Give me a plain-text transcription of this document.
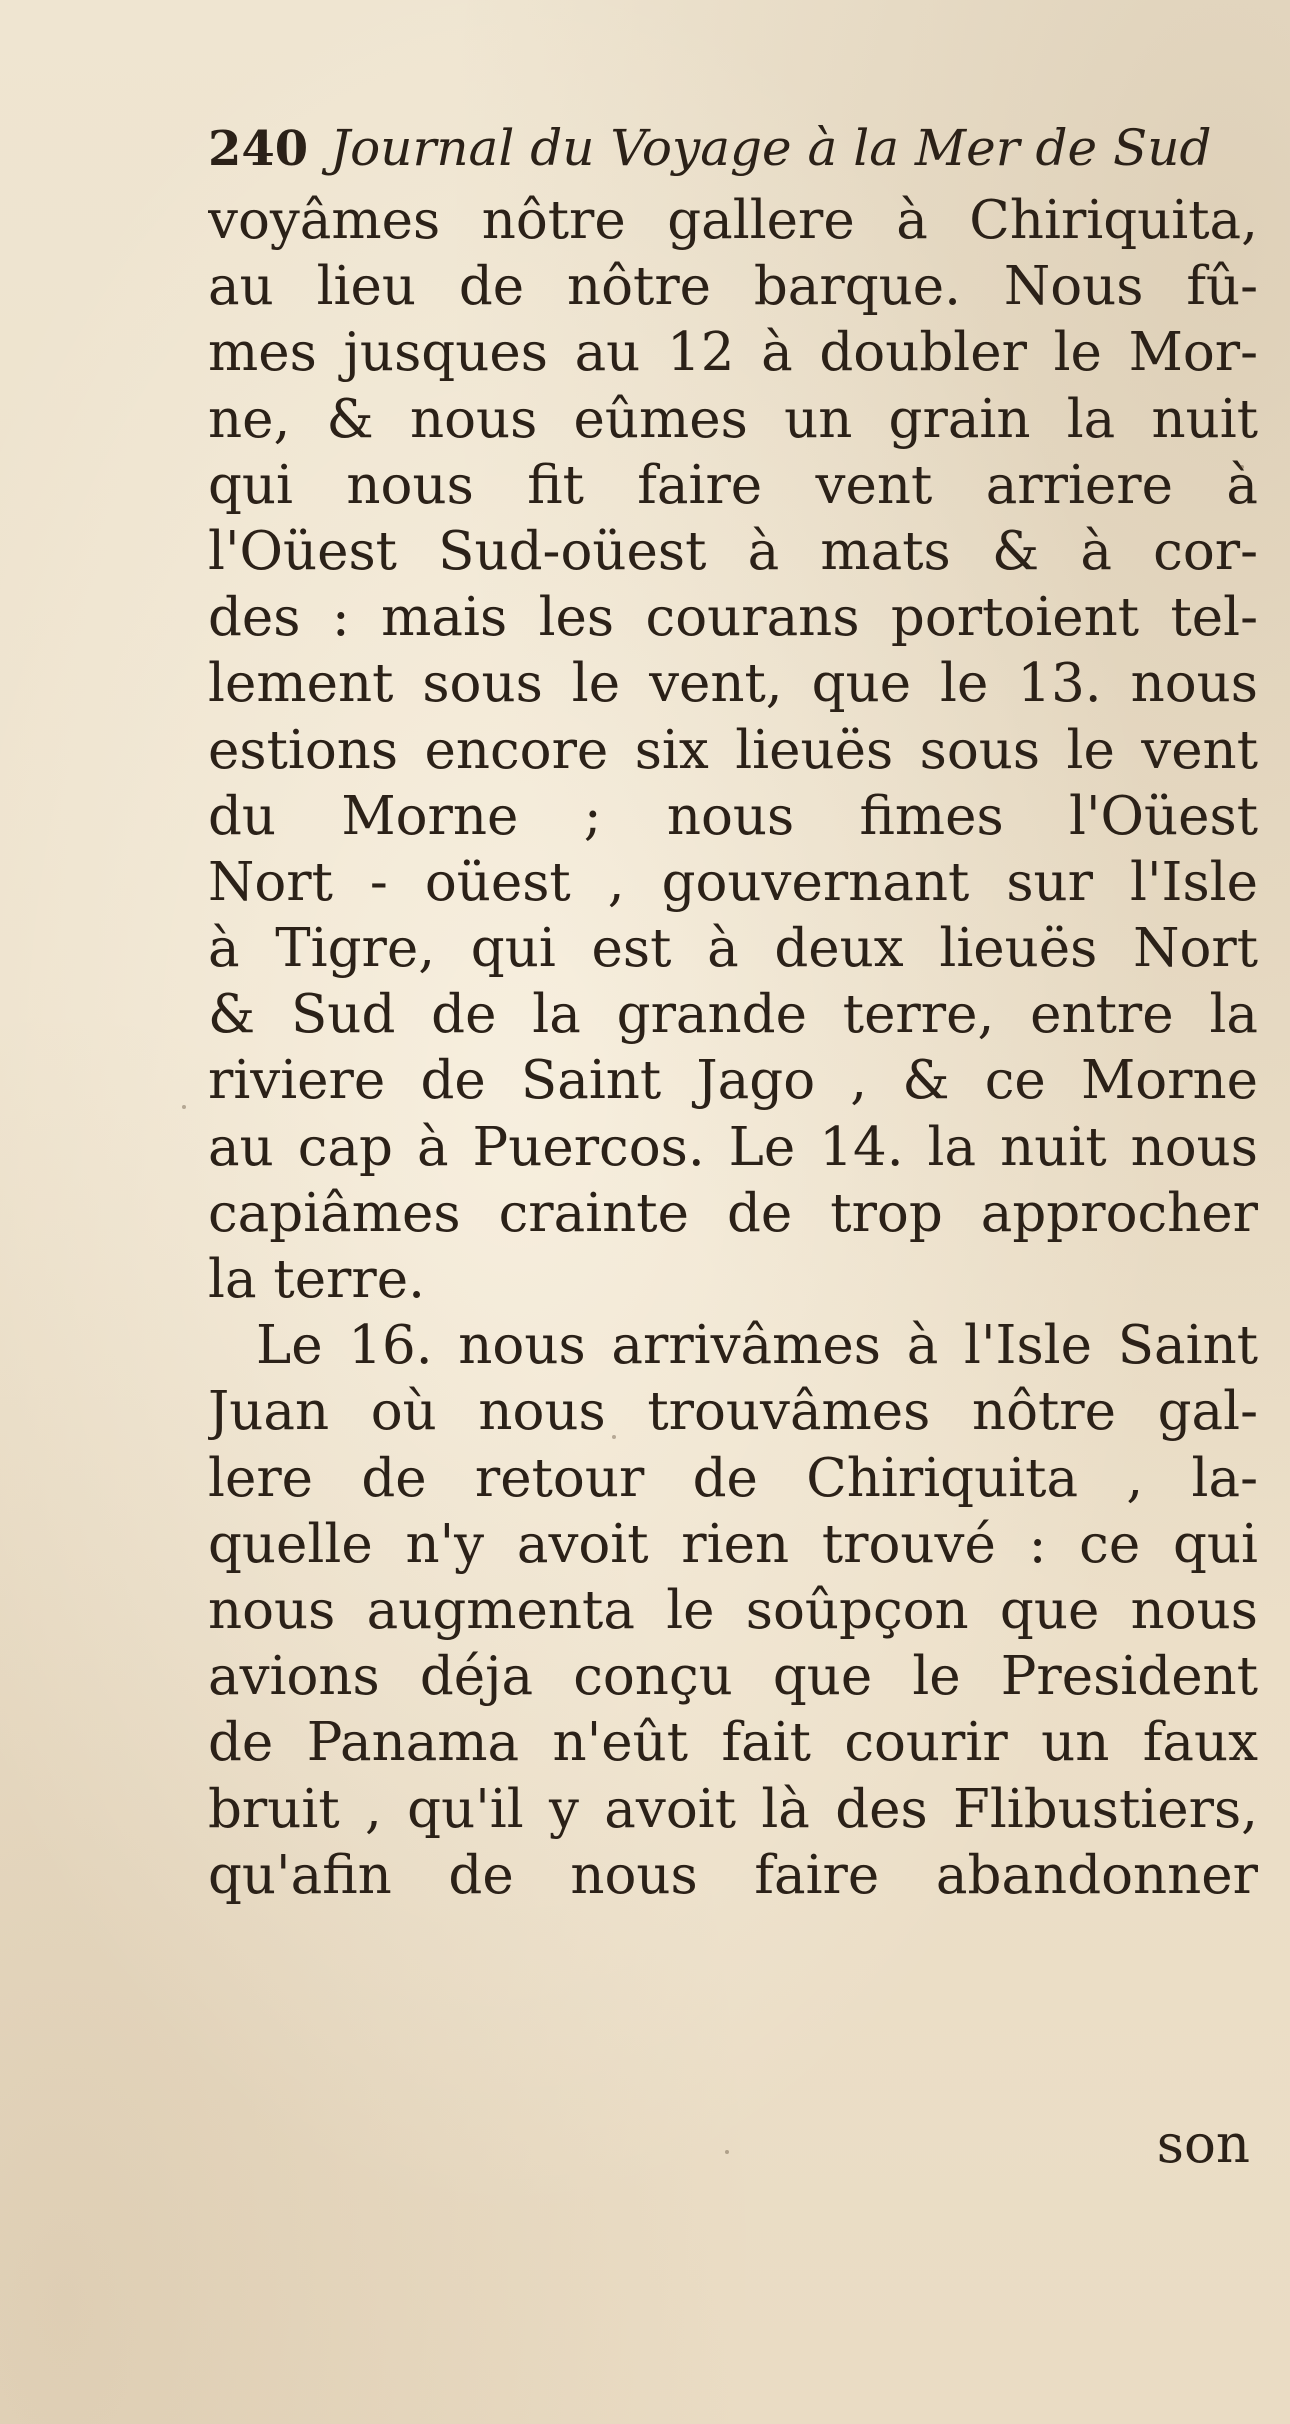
240 Journal du Voyage à la Mer de Sud
voyâmes nôtre gallere à Chiriquita,
au lieu de nôtre barque. Nous fû-
mes jusques au 12 à doubler le Mor-
ne, & nous eûmes un grain la nuit
qui nous fit faire vent arriere à
l'Oüest Sud-oüest à mats & à cor-
des : mais les courans portoient tel-
lement sous le vent, que le 13. nous
estions encore six lieuës sous le vent
du Morne ; nous fimes l'Oüest
Nort - oüest , gouvernant sur l'Isle
à Tigre, qui est à deux lieuës Nort
& Sud de la grande terre, entre la
riviere de Saint Jago , & ce Morne
au cap à Puercos. Le 14. la nuit nous
capiâmes crainte de trop approcher
la terre.
Le 16. nous arrivâmes à l'Isle Saint
Juan où nous trouvâmes nôtre gal-
lere de retour de Chiriquita , la-
quelle n'y avoit rien trouvé : ce qui
nous augmenta le soûpçon que nous
avions déja conçu que le President
de Panama n'eût fait courir un faux
bruit , qu'il y avoit là des Flibustiers,
qu'afin de nous faire abandonner
son
